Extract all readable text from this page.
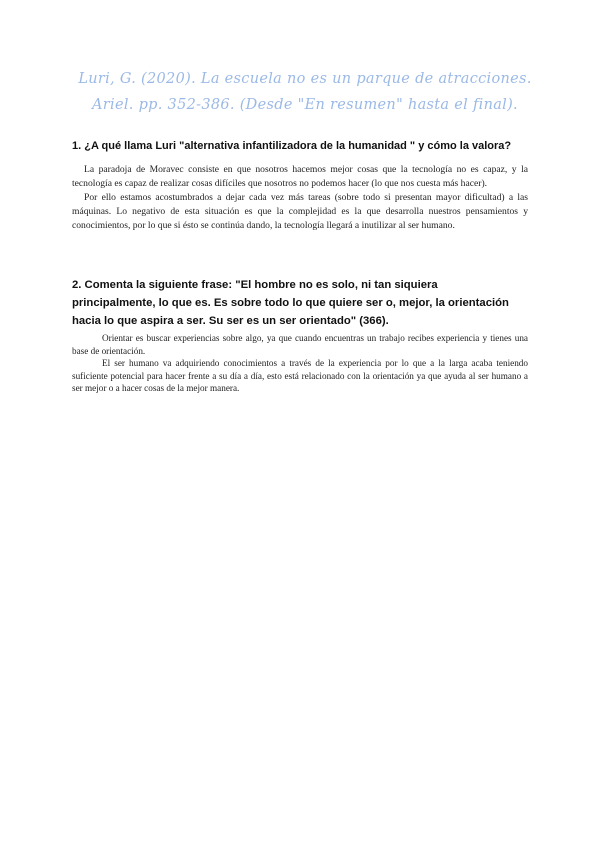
Luri, G. (2020). La escuela no es un parque de atracciones. Ariel. pp. 352-386. (Desde "En resumen" hasta el final).
1. ¿A qué llama Luri "alternativa infantilizadora de la humanidad " y cómo la valora?

La paradoja de Moravec consiste en que nosotros hacemos mejor cosas que la tecnología no es capaz, y la tecnología es capaz de realizar cosas difíciles que nosotros no podemos hacer (lo que nos cuesta más hacer).

Por ello estamos acostumbrados a dejar cada vez más tareas (sobre todo si presentan mayor dificultad) a las máquinas. Lo negativo de esta situación es que la complejidad es la que desarrolla nuestros pensamientos y conocimientos, por lo que si ésto se continúa dando, la tecnología llegará a inutilizar al ser humano.

2. Comenta la siguiente frase: "El hombre no es solo, ni tan siquiera principalmente, lo que es. Es sobre todo lo que quiere ser o, mejor, la orientación hacia lo que aspira a ser. Su ser es un ser orientado" (366).

Orientar es buscar experiencias sobre algo, ya que cuando encuentras un trabajo recibes experiencia y tienes una base de orientación.

El ser humano va adquiriendo conocimientos a través de la experiencia por lo que a la larga acaba teniendo suficiente potencial para hacer frente a su día a día, esto está relacionado con la orientación ya que ayuda al ser humano a ser mejor o a hacer cosas de la mejor manera.
